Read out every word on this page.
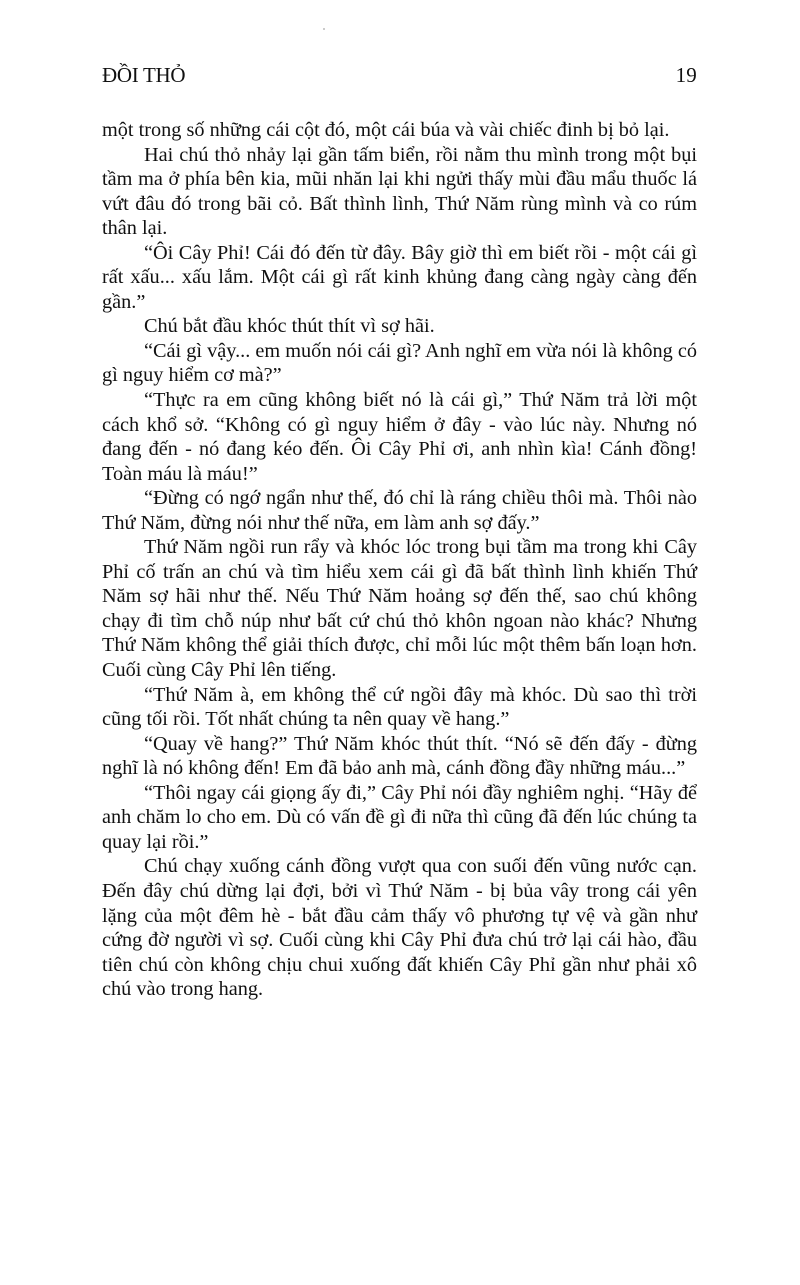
ĐỒI THỎ	19

một trong số những cái cột đó, một cái búa và vài chiếc đinh bị bỏ lại.

Hai chú thỏ nhảy lại gần tấm biển, rồi nằm thu mình trong một bụi tầm ma ở phía bên kia, mũi nhăn lại khi ngửi thấy mùi đầu mẩu thuốc lá vứt đâu đó trong bãi cỏ. Bất thình lình, Thứ Năm rùng mình và co rúm thân lại.

“Ôi Cây Phỉ! Cái đó đến từ đây. Bây giờ thì em biết rồi - một cái gì rất xấu... xấu lắm. Một cái gì rất kinh khủng đang càng ngày càng đến gần.”

Chú bắt đầu khóc thút thít vì sợ hãi.

“Cái gì vậy... em muốn nói cái gì? Anh nghĩ em vừa nói là không có gì nguy hiểm cơ mà?”

“Thực ra em cũng không biết nó là cái gì,” Thứ Năm trả lời một cách khổ sở. “Không có gì nguy hiểm ở đây - vào lúc này. Nhưng nó đang đến - nó đang kéo đến. Ôi Cây Phỉ ơi, anh nhìn kìa! Cánh đồng! Toàn máu là máu!”

“Đừng có ngớ ngẩn như thế, đó chỉ là ráng chiều thôi mà. Thôi nào Thứ Năm, đừng nói như thế nữa, em làm anh sợ đấy.”

Thứ Năm ngồi run rẩy và khóc lóc trong bụi tầm ma trong khi Cây Phỉ cố trấn an chú và tìm hiểu xem cái gì đã bất thình lình khiến Thứ Năm sợ hãi như thế. Nếu Thứ Năm hoảng sợ đến thế, sao chú không chạy đi tìm chỗ núp như bất cứ chú thỏ khôn ngoan nào khác? Nhưng Thứ Năm không thể giải thích được, chỉ mỗi lúc một thêm bấn loạn hơn. Cuối cùng Cây Phỉ lên tiếng.

“Thứ Năm à, em không thể cứ ngồi đây mà khóc. Dù sao thì trời cũng tối rồi. Tốt nhất chúng ta nên quay về hang.”

“Quay về hang?” Thứ Năm khóc thút thít. “Nó sẽ đến đấy - đừng nghĩ là nó không đến! Em đã bảo anh mà, cánh đồng đầy những máu...”

“Thôi ngay cái giọng ấy đi,” Cây Phỉ nói đầy nghiêm nghị. “Hãy để anh chăm lo cho em. Dù có vấn đề gì đi nữa thì cũng đã đến lúc chúng ta quay lại rồi.”

Chú chạy xuống cánh đồng vượt qua con suối đến vũng nước cạn. Đến đây chú dừng lại đợi, bởi vì Thứ Năm - bị bủa vây trong cái yên lặng của một đêm hè - bắt đầu cảm thấy vô phương tự vệ và gần như cứng đờ người vì sợ. Cuối cùng khi Cây Phỉ đưa chú trở lại cái hào, đầu tiên chú còn không chịu chui xuống đất khiến Cây Phỉ gần như phải xô chú vào trong hang.
